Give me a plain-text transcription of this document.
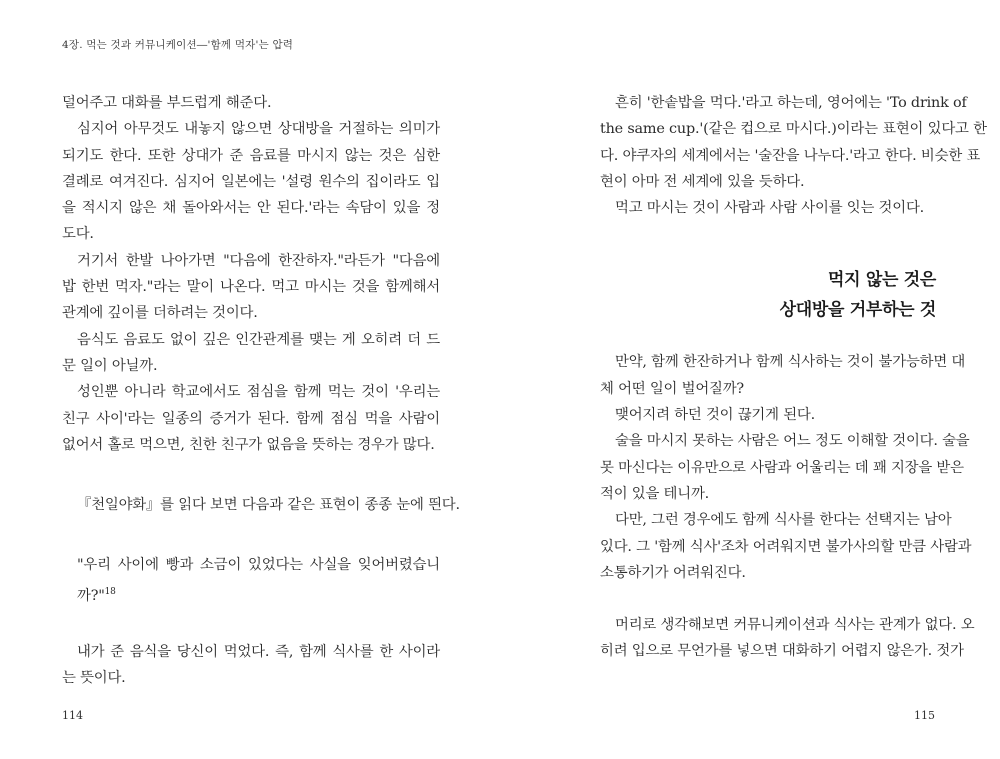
4장. 먹는 것과 커뮤니케이션―'함께 먹자'는 압력

덜어주고 대화를 부드럽게 해준다.

심지어 아무것도 내놓지 않으면 상대방을 거절하는 의미가

되기도 한다. 또한 상대가 준 음료를 마시지 않는 것은 심한

결례로 여겨진다. 심지어 일본에는 '설령 원수의 집이라도 입

을 적시지 않은 채 돌아와서는 안 된다.'라는 속담이 있을 정

도다.

거기서 한발 나아가면 "다음에 한잔하자."라든가 "다음에

밥 한번 먹자."라는 말이 나온다. 먹고 마시는 것을 함께해서

관계에 깊이를 더하려는 것이다.

음식도 음료도 없이 깊은 인간관계를 맺는 게 오히려 더 드

문 일이 아닐까.

성인뿐 아니라 학교에서도 점심을 함께 먹는 것이 '우리는

친구 사이'라는 일종의 증거가 된다. 함께 점심 먹을 사람이

없어서 홀로 먹으면, 친한 친구가 없음을 뜻하는 경우가 많다.

『천일야화』를 읽다 보면 다음과 같은 표현이 종종 눈에 띈다.

"우리 사이에 빵과 소금이 있었다는 사실을 잊어버렸습니

까?"$^{18}$

내가 준 음식을 당신이 먹었다. 즉, 함께 식사를 한 사이라

는 뜻이다.

114

흔히 '한솥밥을 먹다.'라고 하는데, 영어에는 'To drink of

the same cup.'(같은 컵으로 마시다.)이라는 표현이 있다고 한

다. 야쿠자의 세계에서는 '술잔을 나누다.'라고 한다. 비슷한 표

현이 아마 전 세계에 있을 듯하다.

먹고 마시는 것이 사람과 사람 사이를 잇는 것이다.

먹지 않는 것은
상대방을 거부하는 것

만약, 함께 한잔하거나 함께 식사하는 것이 불가능하면 대

체 어떤 일이 벌어질까?

맺어지려 하던 것이 끊기게 된다.

술을 마시지 못하는 사람은 어느 정도 이해할 것이다. 술을

못 마신다는 이유만으로 사람과 어울리는 데 꽤 지장을 받은

적이 있을 테니까.

다만, 그런 경우에도 함께 식사를 한다는 선택지는 남아

있다. 그 '함께 식사'조차 어려워지면 불가사의할 만큼 사람과

소통하기가 어려워진다.

머리로 생각해보면 커뮤니케이션과 식사는 관계가 없다. 오

히려 입으로 무언가를 넣으면 대화하기 어렵지 않은가. 젓가

115
